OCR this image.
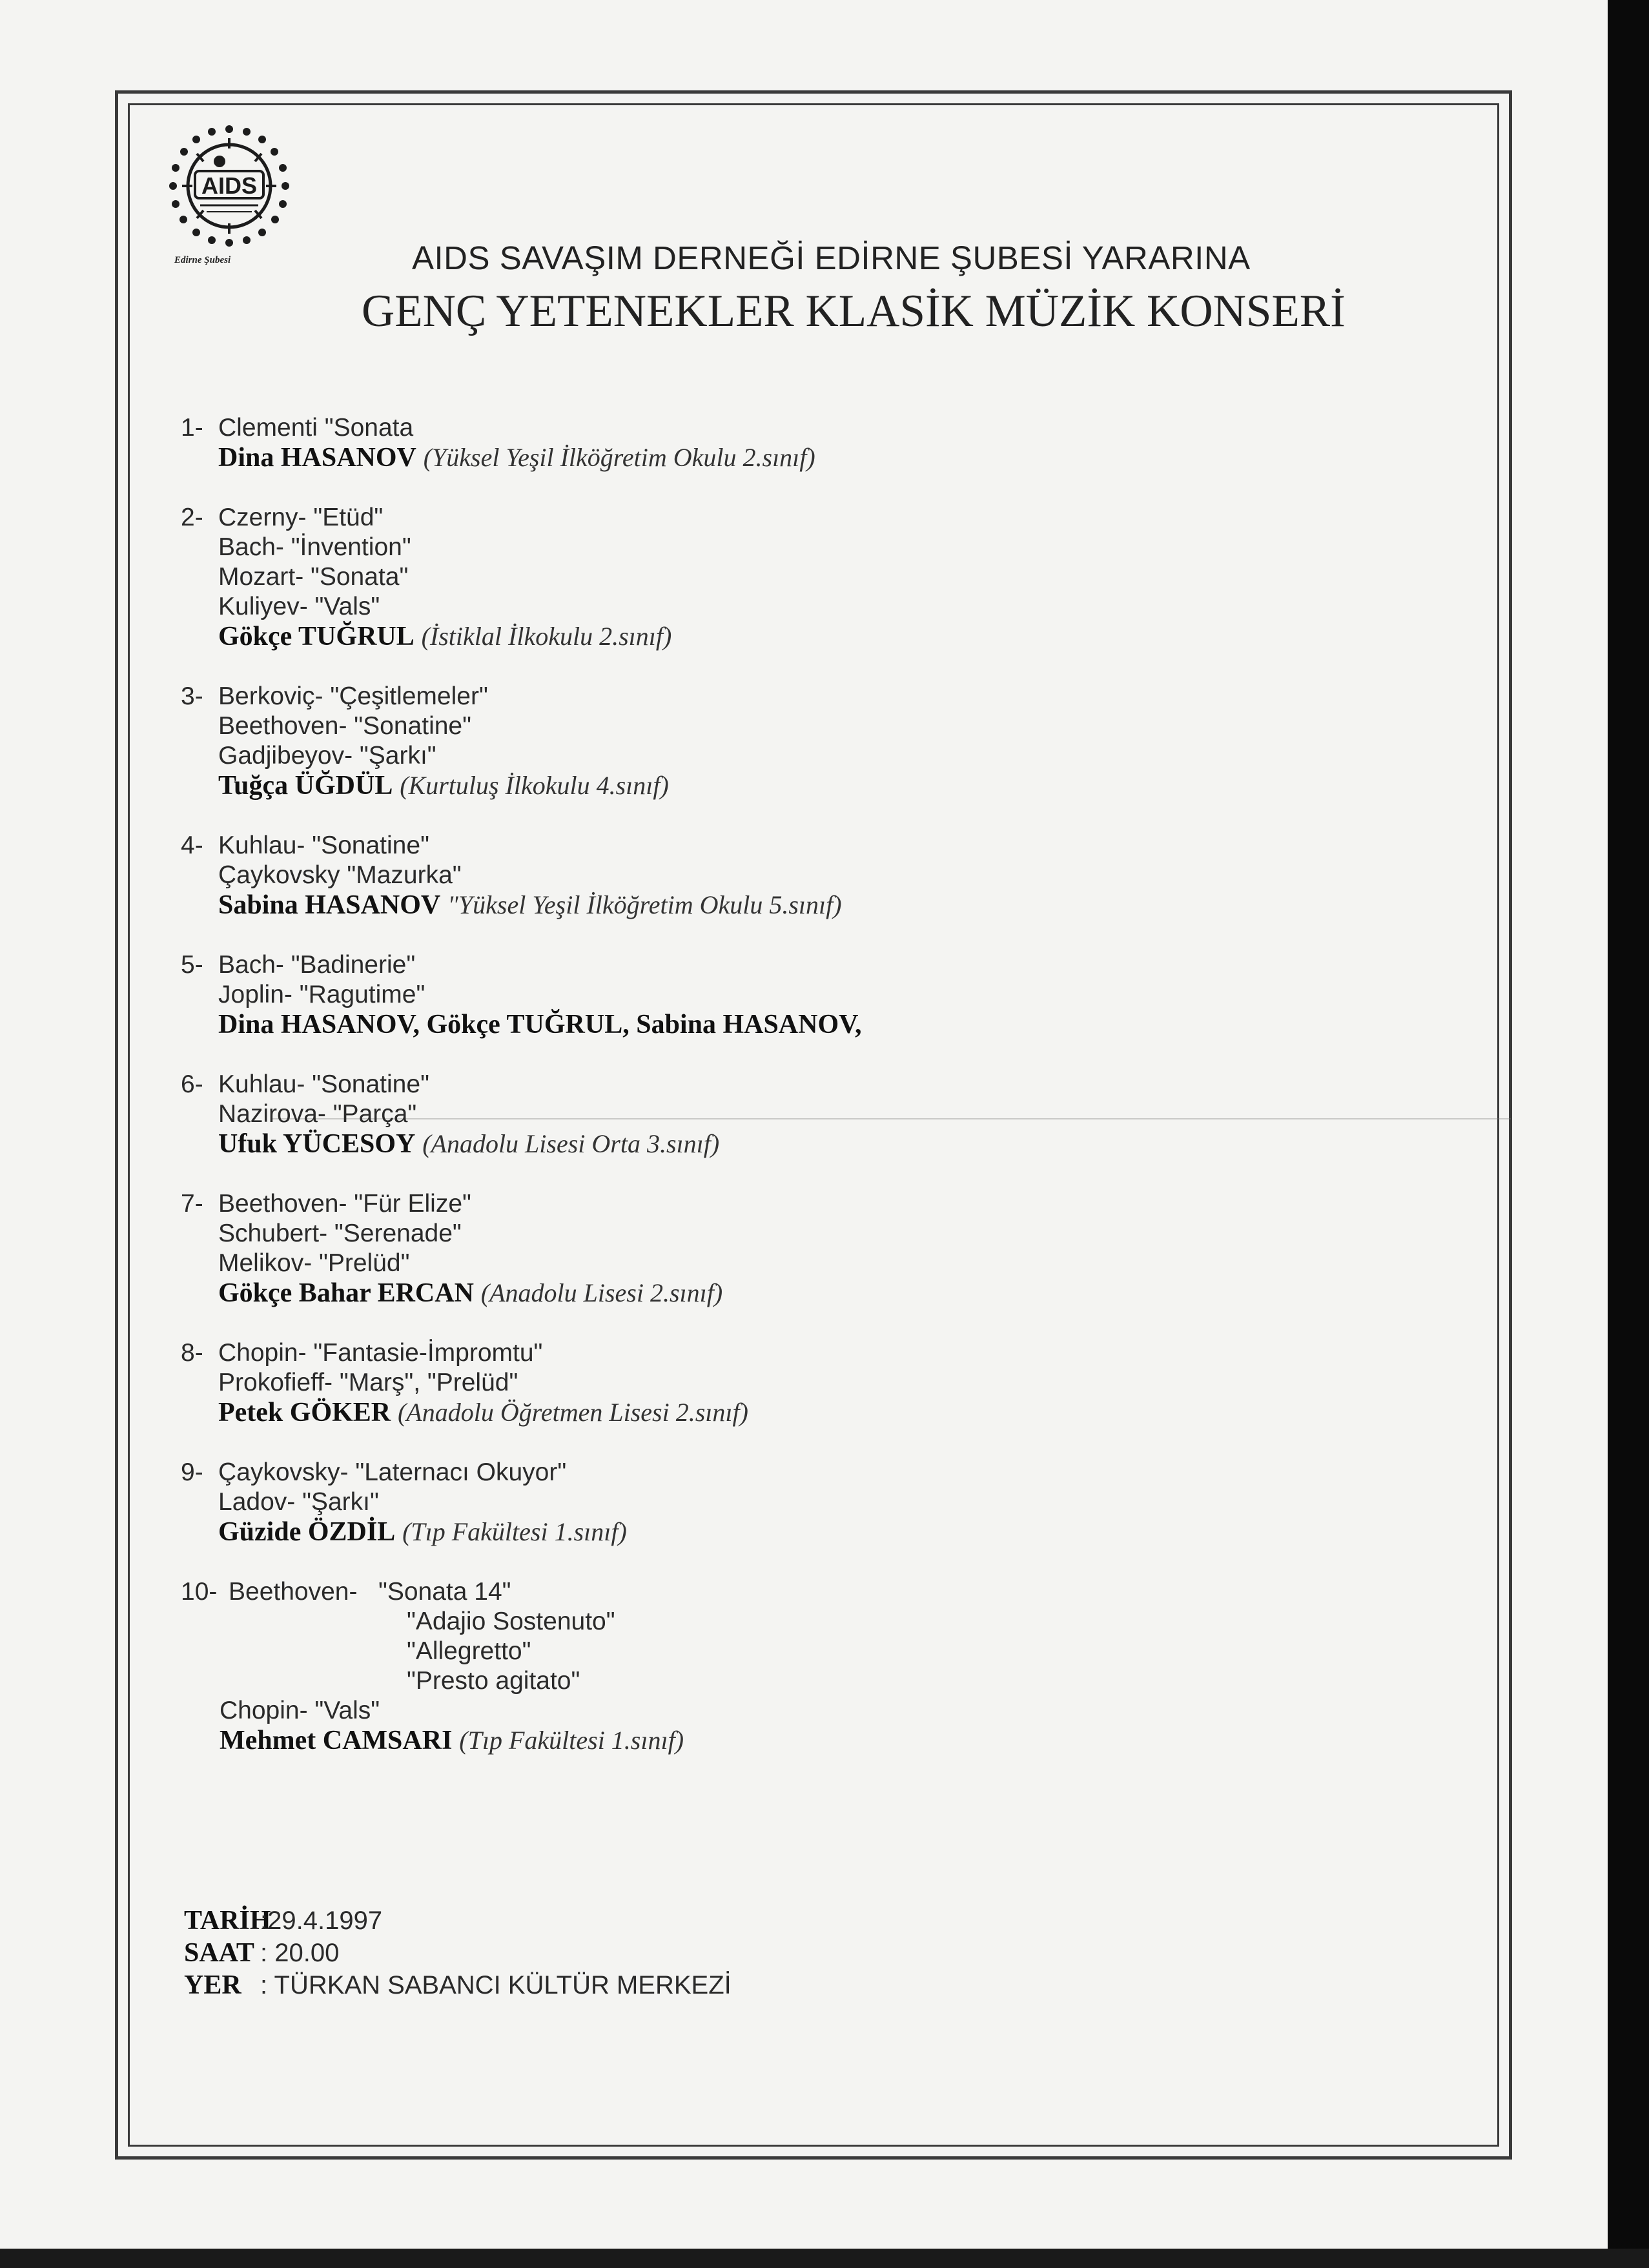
AIDS
Edirne Şubesi	AIDS SAVAŞIM DERNEĞİ EDİRNE ŞUBESİ YARARINA
GENÇ YETENEKLER KLASİK MÜZİK KONSERİ
1- Clementi "Sonata
Dina HASANOV (Yüksel Yeşil İlköğretim Okulu 2.sınıf)
2- Czerny- "Etüd"
Bach- "İnvention"
Mozart- "Sonata"
Kuliyev- "Vals"
Gökçe TUĞRUL (İstiklal İlkokulu 2.sınıf)
3- Berkoviç- "Çeşitlemeler"
Beethoven- "Sonatine"
Gadjibeyov- "Şarkı"
Tuğça ÜĞDÜL (Kurtuluş İlkokulu 4.sınıf)
4- Kuhlau- "Sonatine"
Çaykovsky "Mazurka"
Sabina HASANOV "Yüksel Yeşil İlköğretim Okulu 5.sınıf)
5- Bach- "Badinerie"
Joplin- "Ragutime"
Dina HASANOV, Gökçe TUĞRUL, Sabina HASANOV,
6- Kuhlau- "Sonatine"
Nazirova- "Parça"
Ufuk YÜCESOY (Anadolu Lisesi Orta 3.sınıf)
7- Beethoven- "Für Elize"
Schubert- "Serenade"
Melikov- "Prelüd"
Gökçe Bahar ERCAN (Anadolu Lisesi 2.sınıf)
8- Chopin- "Fantasie-İmpromtu"
Prokofieff- "Marş", "Prelüd"
Petek GÖKER (Anadolu Öğretmen Lisesi 2.sınıf)
9- Çaykovsky- "Laternacı Okuyor"
Ladov- "Şarkı"
Güzide ÖZDİL (Tıp Fakültesi 1.sınıf)
10- Beethoven- "Sonata 14"
"Adajio Sostenuto"
"Allegretto"
"Presto agitato"
Chopin- "Vals"
Mehmet CAMSARI (Tıp Fakültesi 1.sınıf)
TARİH:29.4.1997
SAAT : 20.00
YER : TÜRKAN SABANCI KÜLTÜR MERKEZİ
